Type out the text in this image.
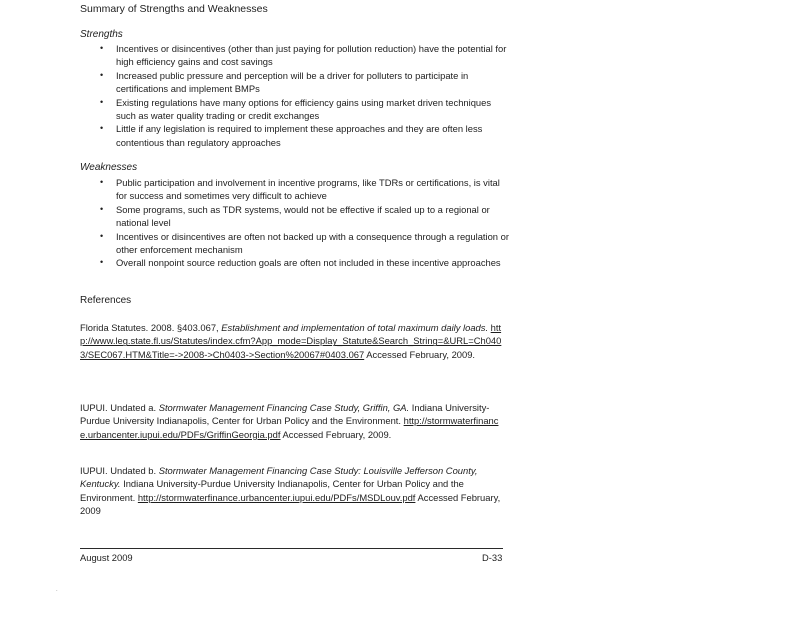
Summary of Strengths and Weaknesses
Strengths
• Incentives or disincentives (other than just paying for pollution reduction) have the potential for high efficiency gains and cost savings
• Increased public pressure and perception will be a driver for polluters to participate in certifications and implement BMPs
• Existing regulations have many options for efficiency gains using market driven techniques such as water quality trading or credit exchanges
• Little if any legislation is required to implement these approaches and they are often less contentious than regulatory approaches
Weaknesses
• Public participation and involvement in incentive programs, like TDRs or certifications, is vital for success and sometimes very difficult to achieve
• Some programs, such as TDR systems, would not be effective if scaled up to a regional or national level
• Incentives or disincentives are often not backed up with a consequence through a regulation or other enforcement mechanism
• Overall nonpoint source reduction goals are often not included in these incentive approaches
References
Florida Statutes. 2008. §403.067, Establishment and implementation of total maximum daily loads. http://www.leg.state.fl.us/Statutes/index.cfm?App_mode=Display_Statute&Search_String=&URL=Ch0403/SEC067.HTM&Title=->2008->Ch0403->Section%20067#0403.067 Accessed February, 2009.
IUPUI. Undated a. Stormwater Management Financing Case Study, Griffin, GA. Indiana University-Purdue University Indianapolis, Center for Urban Policy and the Environment. http://stormwaterfinance.urbancenter.iupui.edu/PDFs/GriffinGeorgia.pdf Accessed February, 2009.
IUPUI. Undated b. Stormwater Management Financing Case Study: Louisville Jefferson County, Kentucky. Indiana University-Purdue University Indianapolis, Center for Urban Policy and the Environment. http://stormwaterfinance.urbancenter.iupui.edu/PDFs/MSDLouv.pdf Accessed February, 2009
August 2009	D-33
.
